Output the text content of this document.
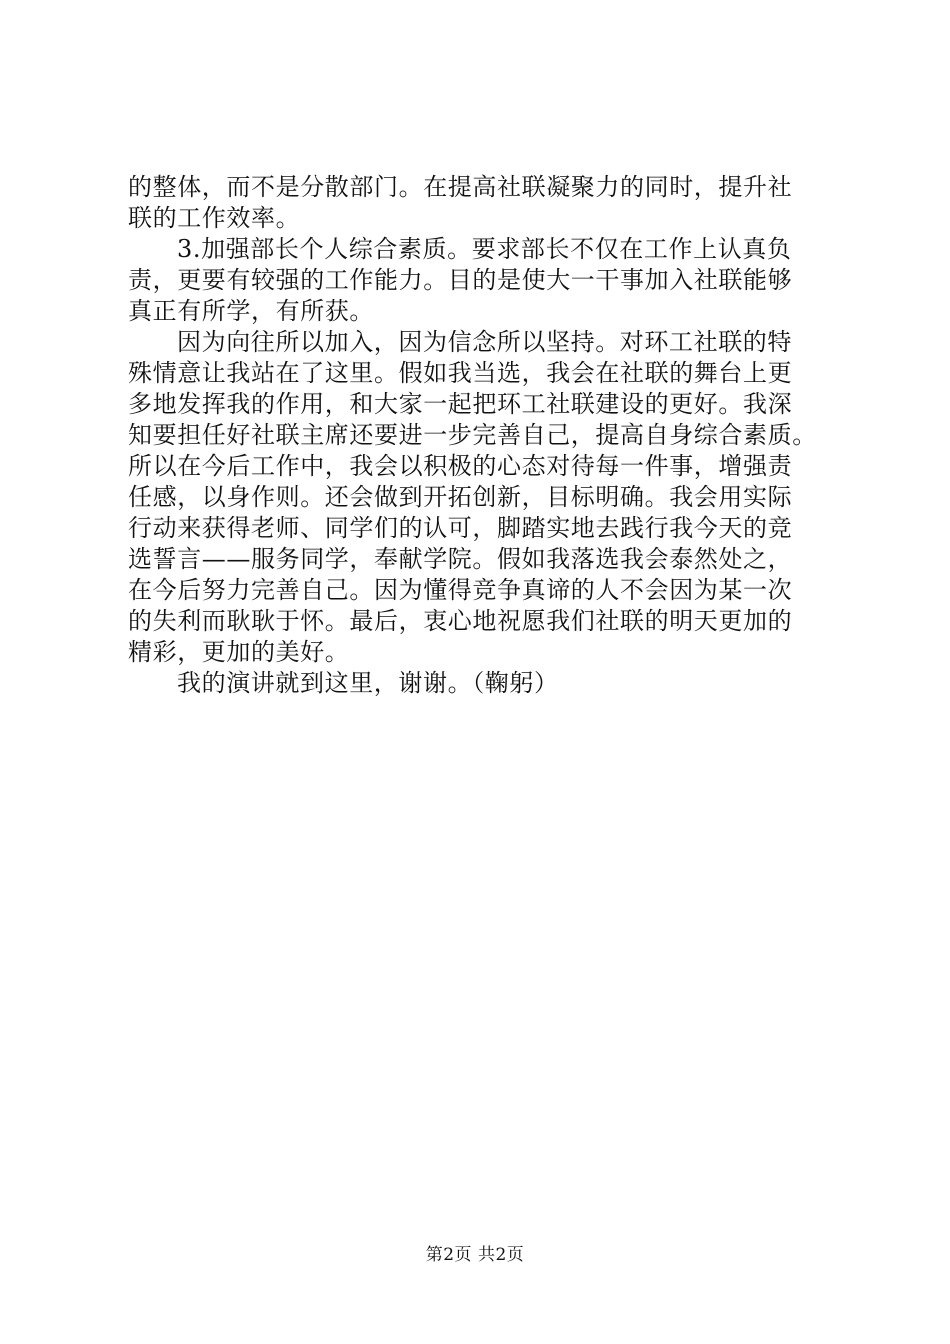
的整体，而不是分散部门。在提高社联凝聚力的同时，提升社
联的工作效率。
3.加强部长个人综合素质。要求部长不仅在工作上认真负
责，更要有较强的工作能力。目的是使大一干事加入社联能够
真正有所学，有所获。
因为向往所以加入，因为信念所以坚持。对环工社联的特
殊情意让我站在了这里。假如我当选，我会在社联的舞台上更
多地发挥我的作用，和大家一起把环工社联建设的更好。我深
知要担任好社联主席还要进一步完善自己，提高自身综合素质。
所以在今后工作中，我会以积极的心态对待每一件事，增强责
任感，以身作则。还会做到开拓创新，目标明确。我会用实际
行动来获得老师、同学们的认可，脚踏实地去践行我今天的竞
选誓言——服务同学，奉献学院。假如我落选我会泰然处之，
在今后努力完善自己。因为懂得竞争真谛的人不会因为某一次
的失利而耿耿于怀。最后，衷心地祝愿我们社联的明天更加的
精彩，更加的美好。
我的演讲就到这里，谢谢。（鞠躬）
第2页 共2页
